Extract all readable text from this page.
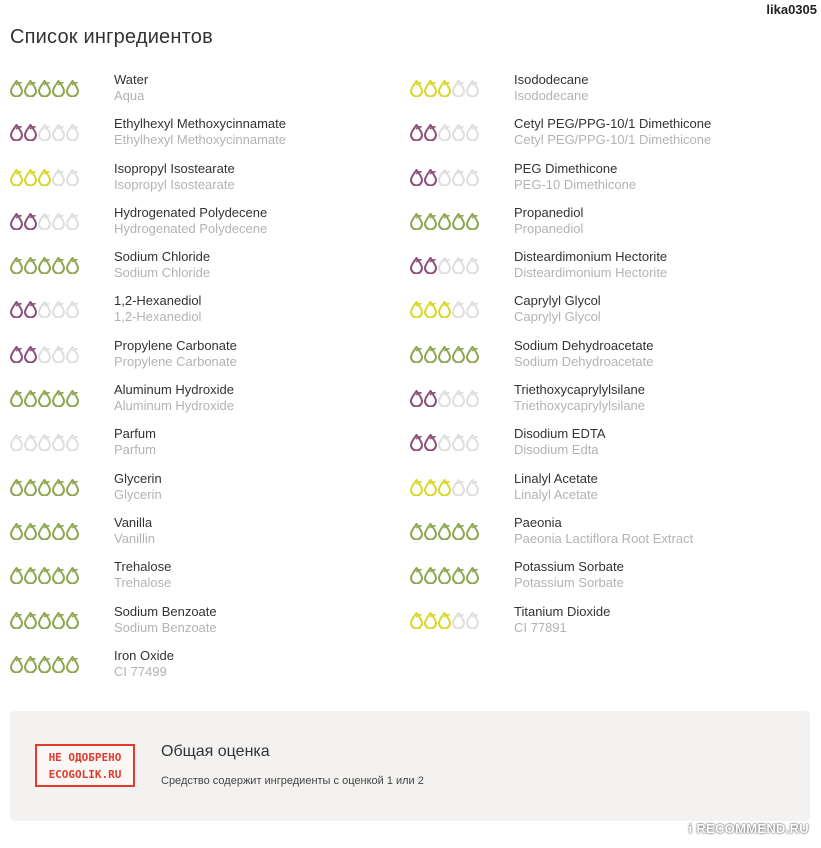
lika0305
Список ингредиентов
Water
Aqua
Ethylhexyl Methoxycinnamate
Ethylhexyl Methoxycinnamate
Isopropyl Isostearate
Isopropyl Isostearate
Hydrogenated Polydecene
Hydrogenated Polydecene
Sodium Chloride
Sodium Chloride
1,2-Hexanediol
1,2-Hexanediol
Propylene Carbonate
Propylene Carbonate
Aluminum Hydroxide
Aluminum Hydroxide
Parfum
Parfum
Glycerin
Glycerin
Vanilla
Vanillin
Trehalose
Trehalose
Sodium Benzoate
Sodium Benzoate
Iron Oxide
CI 77499
Isododecane
Isododecane
Cetyl PEG/PPG-10/1 Dimethicone
Cetyl PEG/PPG-10/1 Dimethicone
PEG Dimethicone
PEG-10 Dimethicone
Propanediol
Propanediol
Disteardimonium Hectorite
Disteardimonium Hectorite
Caprylyl Glycol
Caprylyl Glycol
Sodium Dehydroacetate
Sodium Dehydroacetate
Triethoxycaprylylsilane
Triethoxycaprylylsilane
Disodium EDTA
Disodium Edta
Linalyl Acetate
Linalyl Acetate
Paeonia
Paeonia Lactiflora Root Extract
Potassium Sorbate
Potassium Sorbate
Titanium Dioxide
CI 77891
НЕ ОДОБРЕНО
ECOGOLIK.RU
Общая оценка
Средство содержит ингредиенты с оценкой 1 или 2
i RECOMMEND.RU
